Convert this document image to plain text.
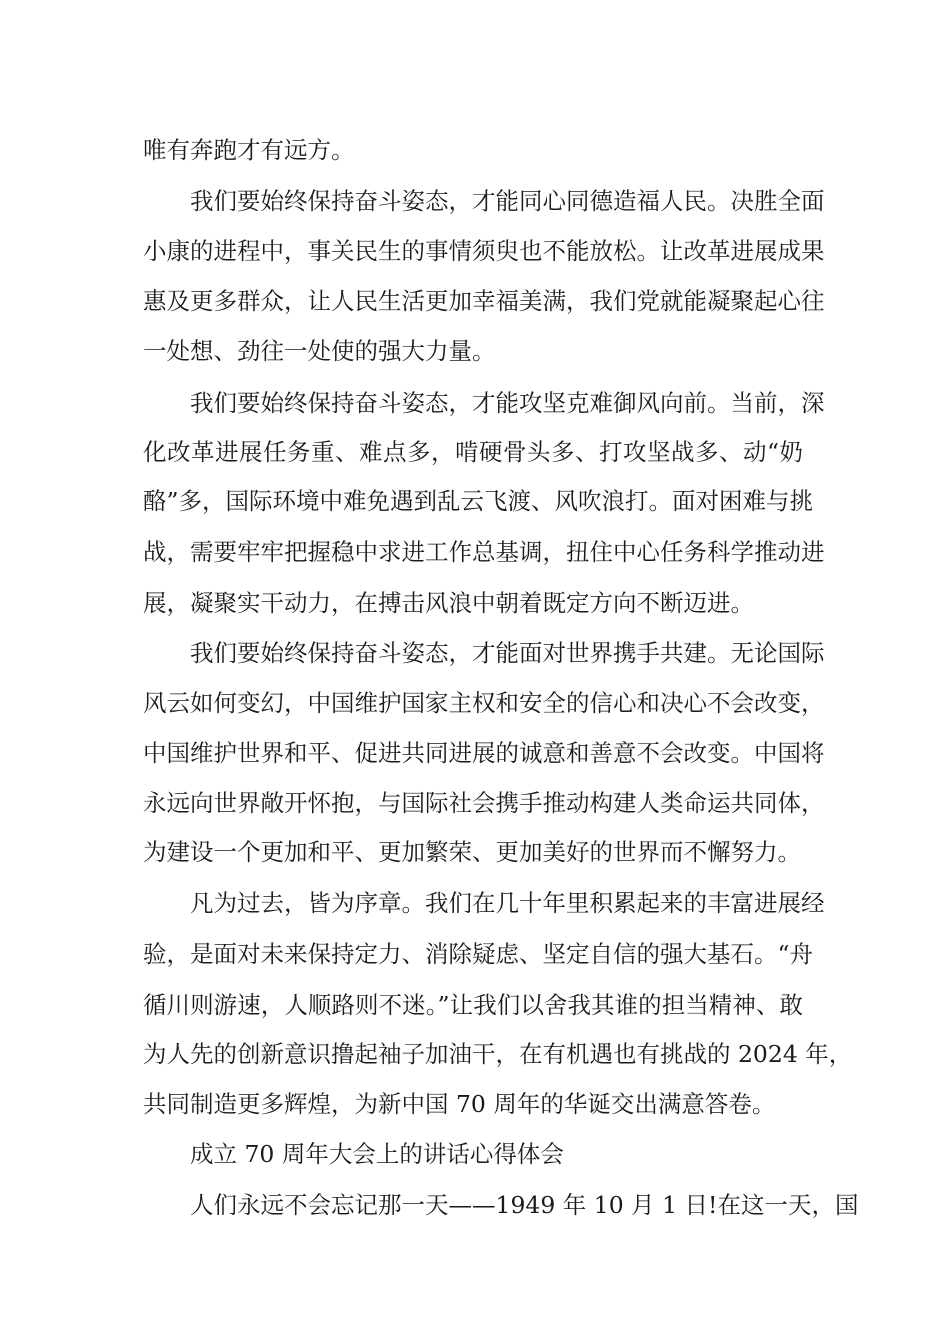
唯有奔跑才有远方。
我们要始终保持奋斗姿态，才能同心同德造福人民。决胜全面
小康的进程中，事关民生的事情须臾也不能放松。让改革进展成果
惠及更多群众，让人民生活更加幸福美满，我们党就能凝聚起心往
一处想、劲往一处使的强大力量。
我们要始终保持奋斗姿态，才能攻坚克难御风向前。当前，深
化改革进展任务重、难点多，啃硬骨头多、打攻坚战多、动“奶
酪”多，国际环境中难免遇到乱云飞渡、风吹浪打。面对困难与挑
战，需要牢牢把握稳中求进工作总基调，扭住中心任务科学推动进
展，凝聚实干动力，在搏击风浪中朝着既定方向不断迈进。
我们要始终保持奋斗姿态，才能面对世界携手共建。无论国际
风云如何变幻，中国维护国家主权和安全的信心和决心不会改变，
中国维护世界和平、促进共同进展的诚意和善意不会改变。中国将
永远向世界敞开怀抱，与国际社会携手推动构建人类命运共同体，
为建设一个更加和平、更加繁荣、更加美好的世界而不懈努力。
凡为过去，皆为序章。我们在几十年里积累起来的丰富进展经
验，是面对未来保持定力、消除疑虑、坚定自信的强大基石。“舟
循川则游速，人顺路则不迷。”让我们以舍我其谁的担当精神、敢
为人先的创新意识撸起袖子加油干，在有机遇也有挑战的 2024 年，
共同制造更多辉煌，为新中国 70 周年的华诞交出满意答卷。
成立 70 周年大会上的讲话心得体会
人们永远不会忘记那一天——1949 年 10 月 1 日!在这一天，国
